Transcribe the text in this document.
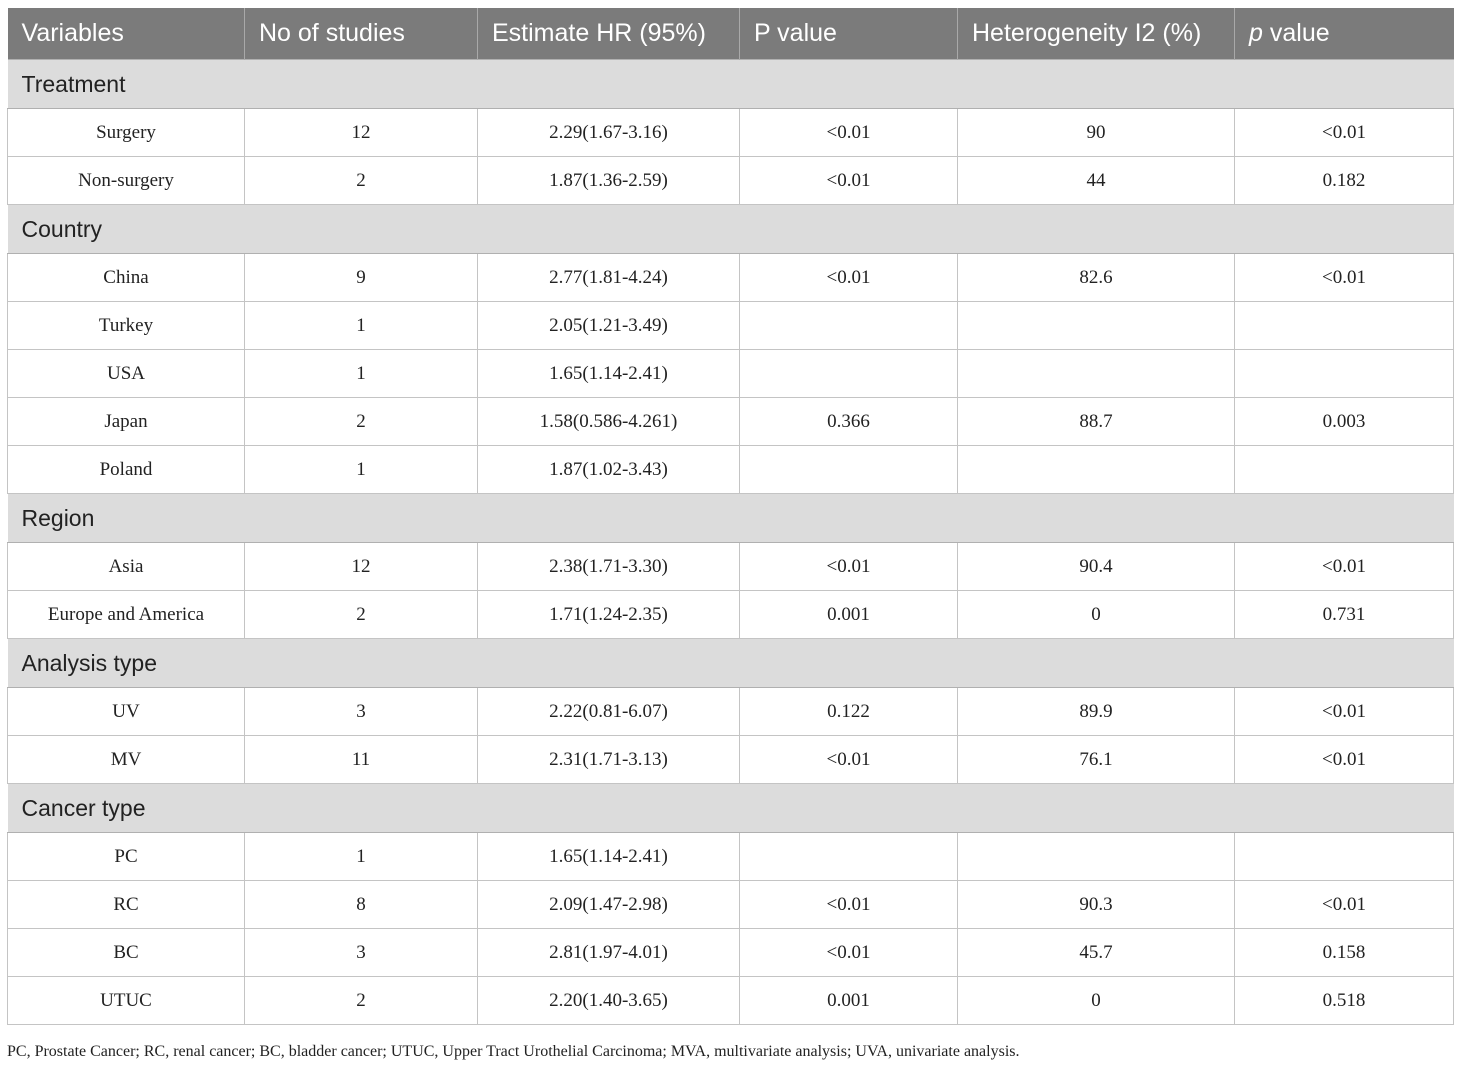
Variables	No of studies	Estimate HR (95%)	P value	Heterogeneity I2 (%)	p value
Treatment					
Surgery	12	2.29(1.67-3.16)	<0.01	90	<0.01
Non-surgery	2	1.87(1.36-2.59)	<0.01	44	0.182
Country					
China	9	2.77(1.81-4.24)	<0.01	82.6	<0.01
Turkey	1	2.05(1.21-3.49)			
USA	1	1.65(1.14-2.41)			
Japan	2	1.58(0.586-4.261)	0.366	88.7	0.003
Poland	1	1.87(1.02-3.43)			
Region					
Asia	12	2.38(1.71-3.30)	<0.01	90.4	<0.01
Europe and America	2	1.71(1.24-2.35)	0.001	0	0.731
Analysis type					
UV	3	2.22(0.81-6.07)	0.122	89.9	<0.01
MV	11	2.31(1.71-3.13)	<0.01	76.1	<0.01
Cancer type					
PC	1	1.65(1.14-2.41)			
RC	8	2.09(1.47-2.98)	<0.01	90.3	<0.01
BC	3	2.81(1.97-4.01)	<0.01	45.7	0.158
UTUC	2	2.20(1.40-3.65)	0.001	0	0.518
PC, Prostate Cancer; RC, renal cancer; BC, bladder cancer; UTUC, Upper Tract Urothelial Carcinoma; MVA, multivariate analysis; UVA, univariate analysis.
